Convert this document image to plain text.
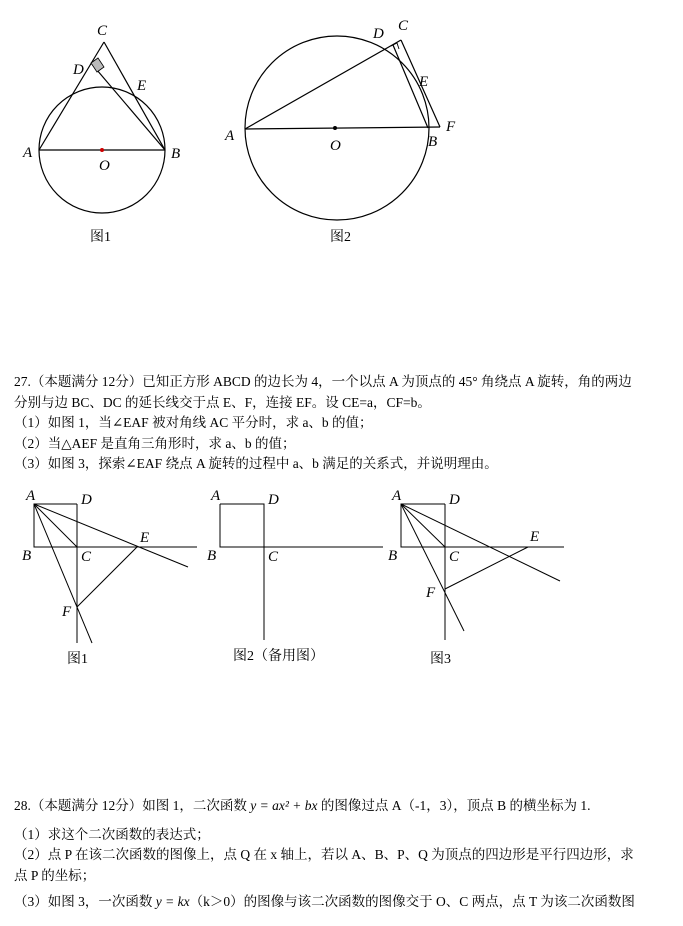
C
D
E
A	B
O
图1
D C
E
F
A	B
O
图2
A	D
B	C
E
F
图1
A	D
B	C
图2（备用图）
A	D
B	C
E
F
图3
27.（本题满分 12分）已知正方形 ABCD 的边长为 4，一个以点 A 为顶点的 45° 角绕点 A 旋转，角的两边
分别与边 BC、DC 的延长线交于点 E、F，连接 EF。设 CE=a，CF=b。
（1）如图 1，当∠EAF 被对角线 AC 平分时，求 a、b 的值；
（2）当△AEF 是直角三角形时，求 a、b 的值；
（3）如图 3，探索∠EAF 绕点 A 旋转的过程中 a、b 满足的关系式，并说明理由。
28.（本题满分 12分）如图 1，二次函数 y = ax² + bx 的图像过点 A（-1，3），顶点 B 的横坐标为 1.
（1）求这个二次函数的表达式；
（2）点 P 在该二次函数的图像上，点 Q 在 x 轴上，若以 A、B、P、Q 为顶点的四边形是平行四边形，求
点 P 的坐标；
（3）如图 3，一次函数 y = kx（k＞0）的图像与该二次函数的图像交于 O、C 两点，点 T 为该二次函数图
